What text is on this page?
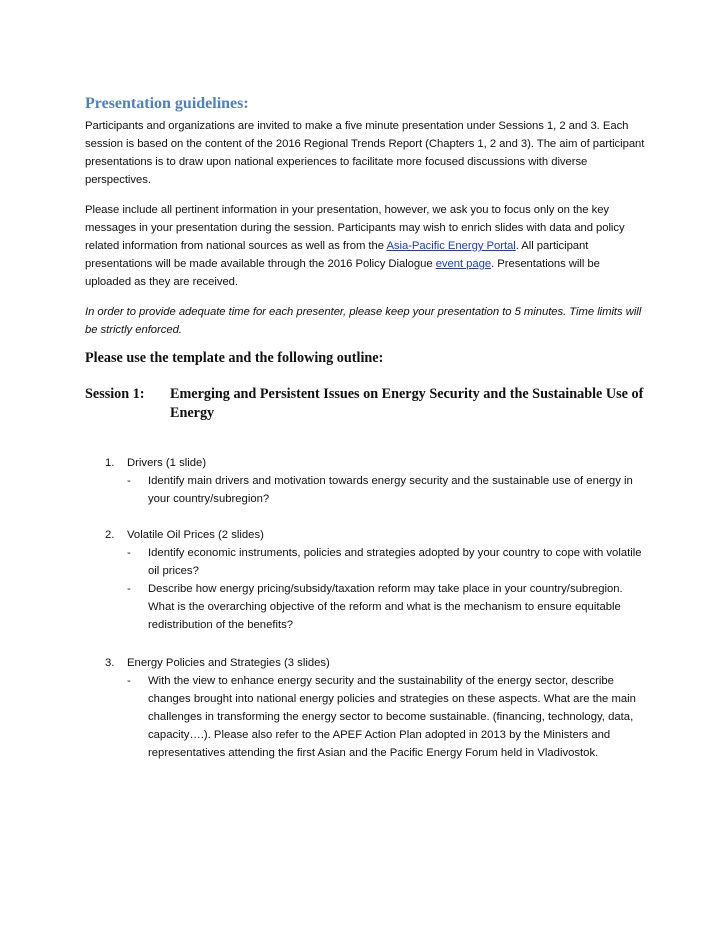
Presentation guidelines:

Participants and organizations are invited to make a five minute presentation under Sessions 1, 2 and 3. Each session is based on the content of the 2016 Regional Trends Report (Chapters 1, 2 and 3). The aim of participant presentations is to draw upon national experiences to facilitate more focused discussions with diverse perspectives.

Please include all pertinent information in your presentation, however, we ask you to focus only on the key messages in your presentation during the session. Participants may wish to enrich slides with data and policy related information from national sources as well as from the Asia-Pacific Energy Portal. All participant presentations will be made available through the 2016 Policy Dialogue event page. Presentations will be uploaded as they are received.

In order to provide adequate time for each presenter, please keep your presentation to 5 minutes. Time limits will be strictly enforced.

Please use the template and the following outline:

Session 1: Emerging and Persistent Issues on Energy Security and the Sustainable Use of Energy
1. Drivers (1 slide)
- Identify main drivers and motivation towards energy security and the sustainable use of energy in your country/subregion?
2. Volatile Oil Prices (2 slides)
- Identify economic instruments, policies and strategies adopted by your country to cope with volatile oil prices?
- Describe how energy pricing/subsidy/taxation reform may take place in your country/subregion. What is the overarching objective of the reform and what is the mechanism to ensure equitable redistribution of the benefits?
3. Energy Policies and Strategies (3 slides)
- With the view to enhance energy security and the sustainability of the energy sector, describe changes brought into national energy policies and strategies on these aspects. What are the main challenges in transforming the energy sector to become sustainable. (financing, technology, data, capacity….). Please also refer to the APEF Action Plan adopted in 2013 by the Ministers and representatives attending the first Asian and the Pacific Energy Forum held in Vladivostok.
